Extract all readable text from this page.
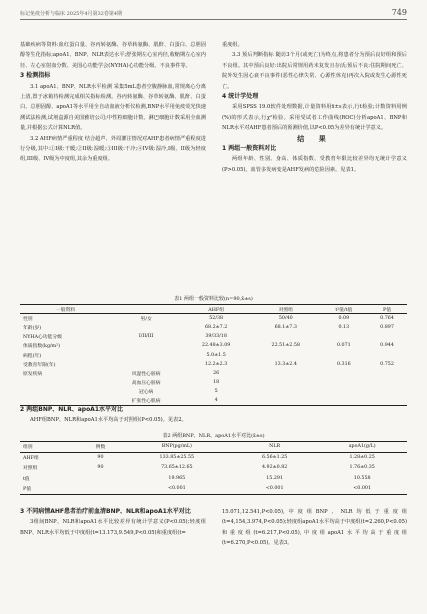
标记免疫分析与临床 2025年4月第32卷第4期	749

基础疾病等资料:血红蛋白量、谷丙转氨酶、谷草转氨酶、肌酐、白蛋白、总胆固醇等生化指标;apoA1、BNP、NLR表达水平;舒张期左心室内径,收缩期左心室内径、左心室射血分数、美国心功能学会(NYHA)心功能分级、不良事件等。

3 检测指标

3.1 apoA1、BNP、NLR水平检测 采集5mL患者空腹静脉血,常规离心分离上清,置于冰箱待检测完成相关指标检测。谷丙转氨酶、谷草转氨酶、肌酐、白蛋白、总胆固醇、apoA1等水平用全自动血液分析仪检测,BNP水平用免疫荧光快速测试法检测,试剂盒源自美国雅培公司;中性粒细胞计数、淋巴细胞计数采用全血测量,并根据公式计算NLR值。

3.2 AHF病情严重程度 结合超声、外周灌注情况对AHF患者病情严重程度进行分级,其中:①I级:干暖;②II级:湿暖;③III级:干冷;④IV级:湿冷,I级、II级为轻度组,III级、IV级为中度组,其余为重度组。

重度组。

3.3 预后判断指标 随访3个月(或死亡)为终点,将患者分为预后良好组和预后不良组。其中预后良好:出院后常规用药未复发且存活;预后不良:住院期间死亡、院外发生因心衰不良事件(恶性心律失常、心源性休克)再次入院或发生心源性死亡。

4 统计学处理

采用SPSS 19.0软件处理数据,计量资料用x̄±s表示,行t检验;计数资料用例(%)的形式表示,行χ²检验。采用受试者工作曲线(ROC)分析apoA1、BNP和NLR水平对AHF患者预后的预测价值,以P<0.05为差异有统计学意义。

结 果
1 两组一般资料对比

两组年龄、性别、身高、体质指数、受教育年限比较差异均无统计学意义(P>0.05)。血管多发病变是AHF发病的危险因素。见表1。

表1 两组一般资料比较(n=90,x̄±s)
一般资料		AHF组	对照组	t²值/t值	P值
性别	男/女	52/38	50/40	0.09	0.764
年龄(岁)		68.2±7.2	68.1±7.3	0.13	0.897
NYHA心功能分级	I/II/III	39/33/18			
体质指数(kg/m²)		22.48±3.09	22.51±2.58	0.071	0.944
病程(年)		5.0±1.5			
受教育年限(年)		12.2±2.3	13.3±2.4	0.316	0.752
原发疾病	风湿性心脏病	26			
	高血压心脏病	18			
	冠心病	5			
	扩张性心肌病	4			
2 两组BNP、NLR、apoA1水平对比

AHF组BNP、NLR和apoA1水平均高于对照组(P<0.05)。见表2。

表2 两组BNP、NLR、apoA1水平对比(x̄±s)
组别	例数	BNP(pg/mL)	NLR	apoA1(g/L)
AHF组	90	133.85±25.55	6.56±1.25	1.28±0.25
对照组	90	73.65±12.65	4.92±0.82	1.76±0.35
t值		19.965	15.291	10.558
P值		<0.001	<0.001	<0.001
3 不同病情AHF患者治疗前血清BNP、NLR和apoA1水平对比

3组间BNP、NLR和apoA1水平比较差异有统计学意义(P<0.05);轻度组BNP、NLR水平均低于中度组(t=13.173,9.549,P<0.05)和重度组(t=

15.071,12.541,P<0.05),中度组BNP、NLR均低于重度组(t=4,154,3.974,P<0.05);轻度组apoA1水平均高于中度组(t=2.260,P<0.05)和重度组(t=6.217,P<0.05),中度组apoA1水平均高于重度组(t=6.270,P<0.05)。见表3。
